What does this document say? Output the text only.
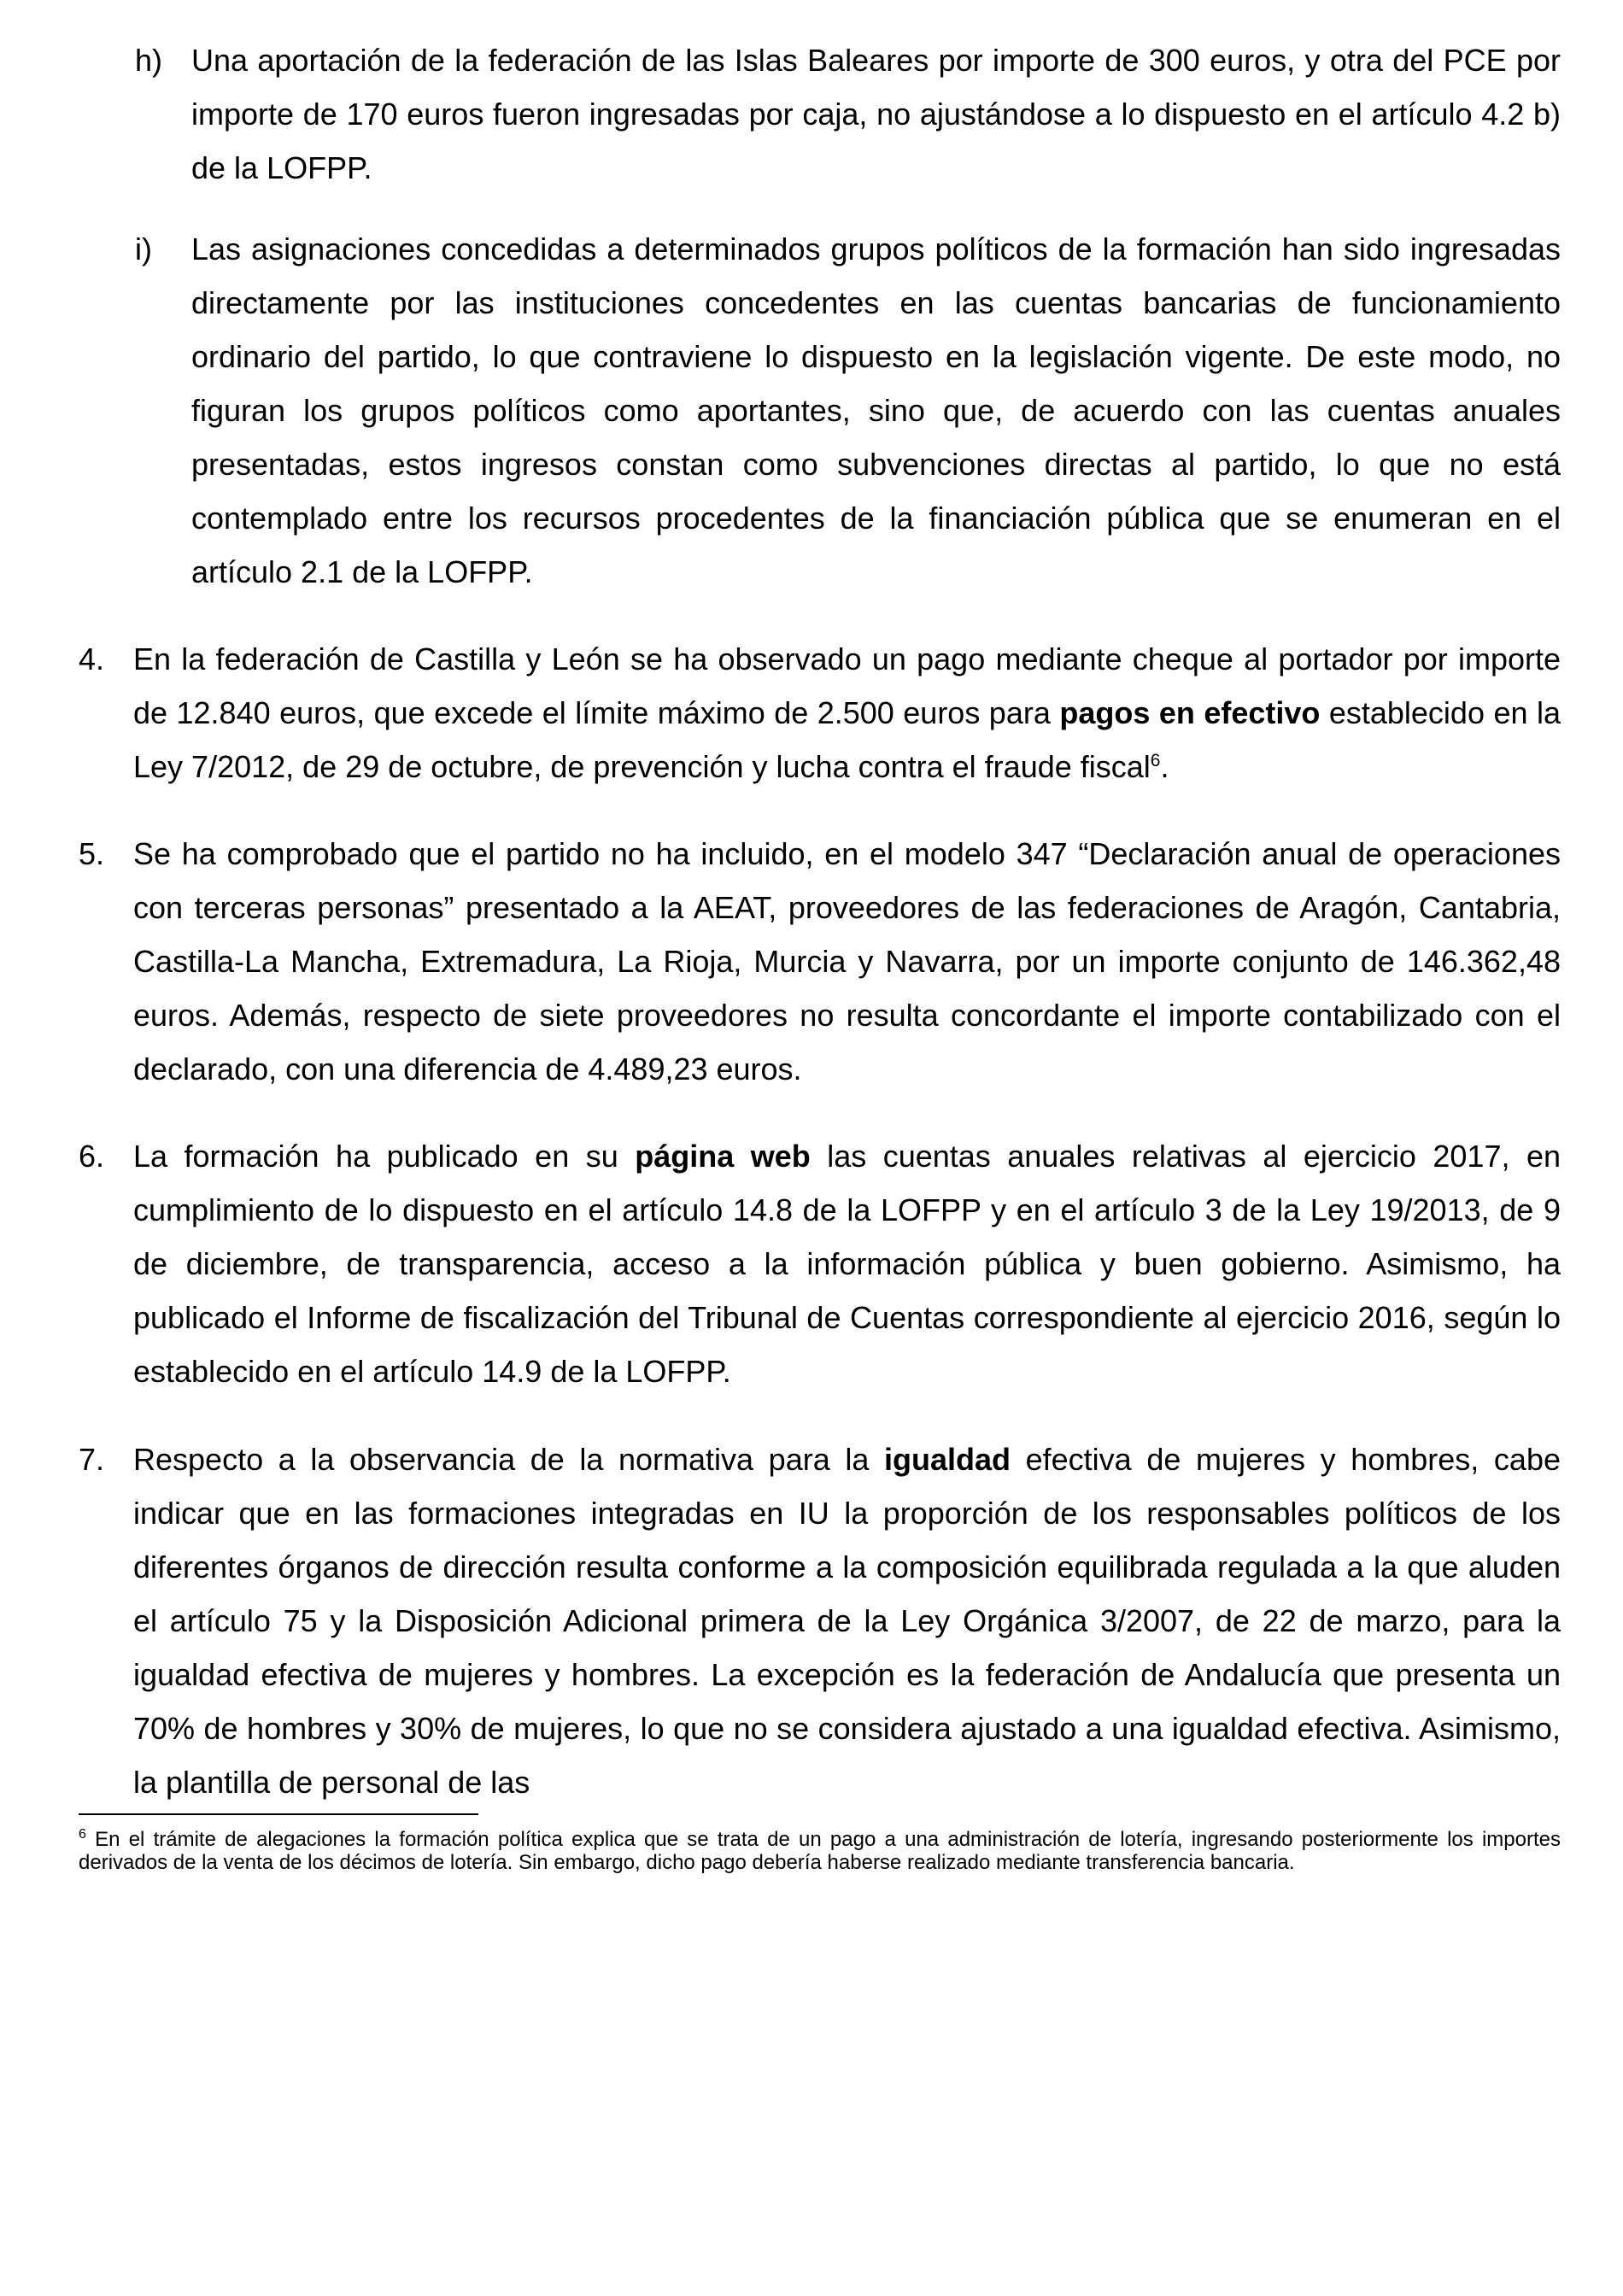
h) Una aportación de la federación de las Islas Baleares por importe de 300 euros, y otra del PCE por importe de 170 euros fueron ingresadas por caja, no ajustándose a lo dispuesto en el artículo 4.2 b) de la LOFPP.
i) Las asignaciones concedidas a determinados grupos políticos de la formación han sido ingresadas directamente por las instituciones concedentes en las cuentas bancarias de funcionamiento ordinario del partido, lo que contraviene lo dispuesto en la legislación vigente. De este modo, no figuran los grupos políticos como aportantes, sino que, de acuerdo con las cuentas anuales presentadas, estos ingresos constan como subvenciones directas al partido, lo que no está contemplado entre los recursos procedentes de la financiación pública que se enumeran en el artículo 2.1 de la LOFPP.
4. En la federación de Castilla y León se ha observado un pago mediante cheque al portador por importe de 12.840 euros, que excede el límite máximo de 2.500 euros para pagos en efectivo establecido en la Ley 7/2012, de 29 de octubre, de prevención y lucha contra el fraude fiscal$^6$.
5. Se ha comprobado que el partido no ha incluido, en el modelo 347 “Declaración anual de operaciones con terceras personas” presentado a la AEAT, proveedores de las federaciones de Aragón, Cantabria, Castilla-La Mancha, Extremadura, La Rioja, Murcia y Navarra, por un importe conjunto de 146.362,48 euros. Además, respecto de siete proveedores no resulta concordante el importe contabilizado con el declarado, con una diferencia de 4.489,23 euros.
6. La formación ha publicado en su página web las cuentas anuales relativas al ejercicio 2017, en cumplimiento de lo dispuesto en el artículo 14.8 de la LOFPP y en el artículo 3 de la Ley 19/2013, de 9 de diciembre, de transparencia, acceso a la información pública y buen gobierno. Asimismo, ha publicado el Informe de fiscalización del Tribunal de Cuentas correspondiente al ejercicio 2016, según lo establecido en el artículo 14.9 de la LOFPP.
7. Respecto a la observancia de la normativa para la igualdad efectiva de mujeres y hombres, cabe indicar que en las formaciones integradas en IU la proporción de los responsables políticos de los diferentes órganos de dirección resulta conforme a la composición equilibrada regulada a la que aluden el artículo 75 y la Disposición Adicional primera de la Ley Orgánica 3/2007, de 22 de marzo, para la igualdad efectiva de mujeres y hombres. La excepción es la federación de Andalucía que presenta un 70% de hombres y 30% de mujeres, lo que no se considera ajustado a una igualdad efectiva. Asimismo, la plantilla de personal de las
$^6$ En el trámite de alegaciones la formación política explica que se trata de un pago a una administración de lotería, ingresando posteriormente los importes derivados de la venta de los décimos de lotería. Sin embargo, dicho pago debería haberse realizado mediante transferencia bancaria.
